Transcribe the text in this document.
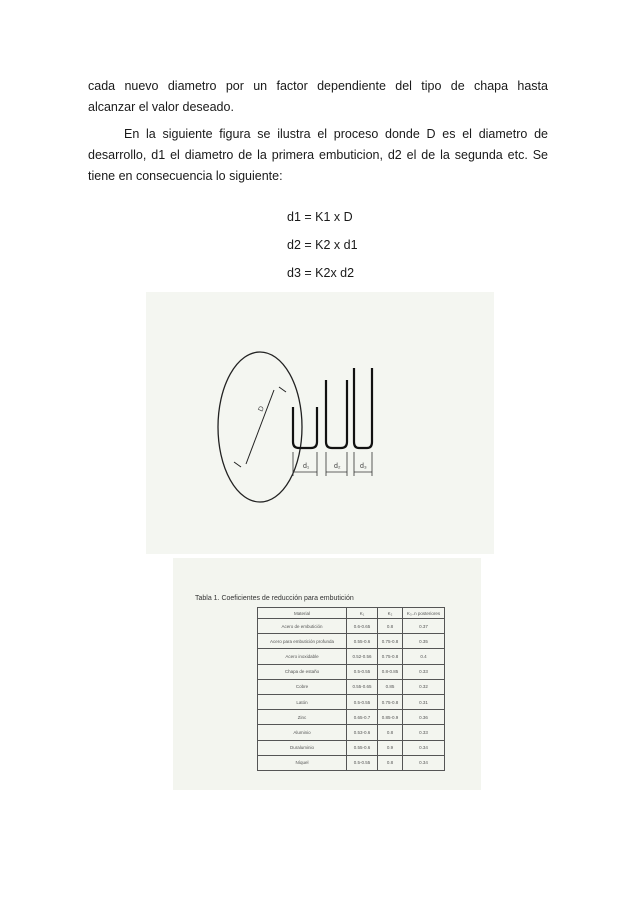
cada nuevo diametro por un factor dependiente del tipo de chapa hasta
alcanzar el valor deseado.
En la siguiente figura se ilustra el proceso donde D es el diametro de
desarrollo, d1 el diametro de la primera embuticion, d2 el de la segunda etc. Se
tiene en consecuencia lo siguiente:
d1 = K1 x D
d2 = K2 x d1
d3 = K2x d2
D
d₁	d₂	d₃
Tabla 1. Coeficientes de reducción para embutición
Material	K₁	K₂	K₃..n posteriores
Acero de embutición	0.6-0.65	0.8	0.37
Acero para embutición profunda	0.55-0.6	0.75-0.8	0.35
Acero inoxidable	0.52-0.56	0.75-0.8	0.4
Chapa de estaño	0.5-0.55	0.8-0.85	0.33
Cobre	0.55-0.65	0.85	0.32
Latón	0.5-0.55	0.75-0.8	0.31
Zinc	0.65-0.7	0.85-0.9	0.36
Aluminio	0.53-0.6	0.8	0.33
Duraluminio	0.55-0.6	0.9	0.34
Níquel	0.5-0.55	0.8	0.34
